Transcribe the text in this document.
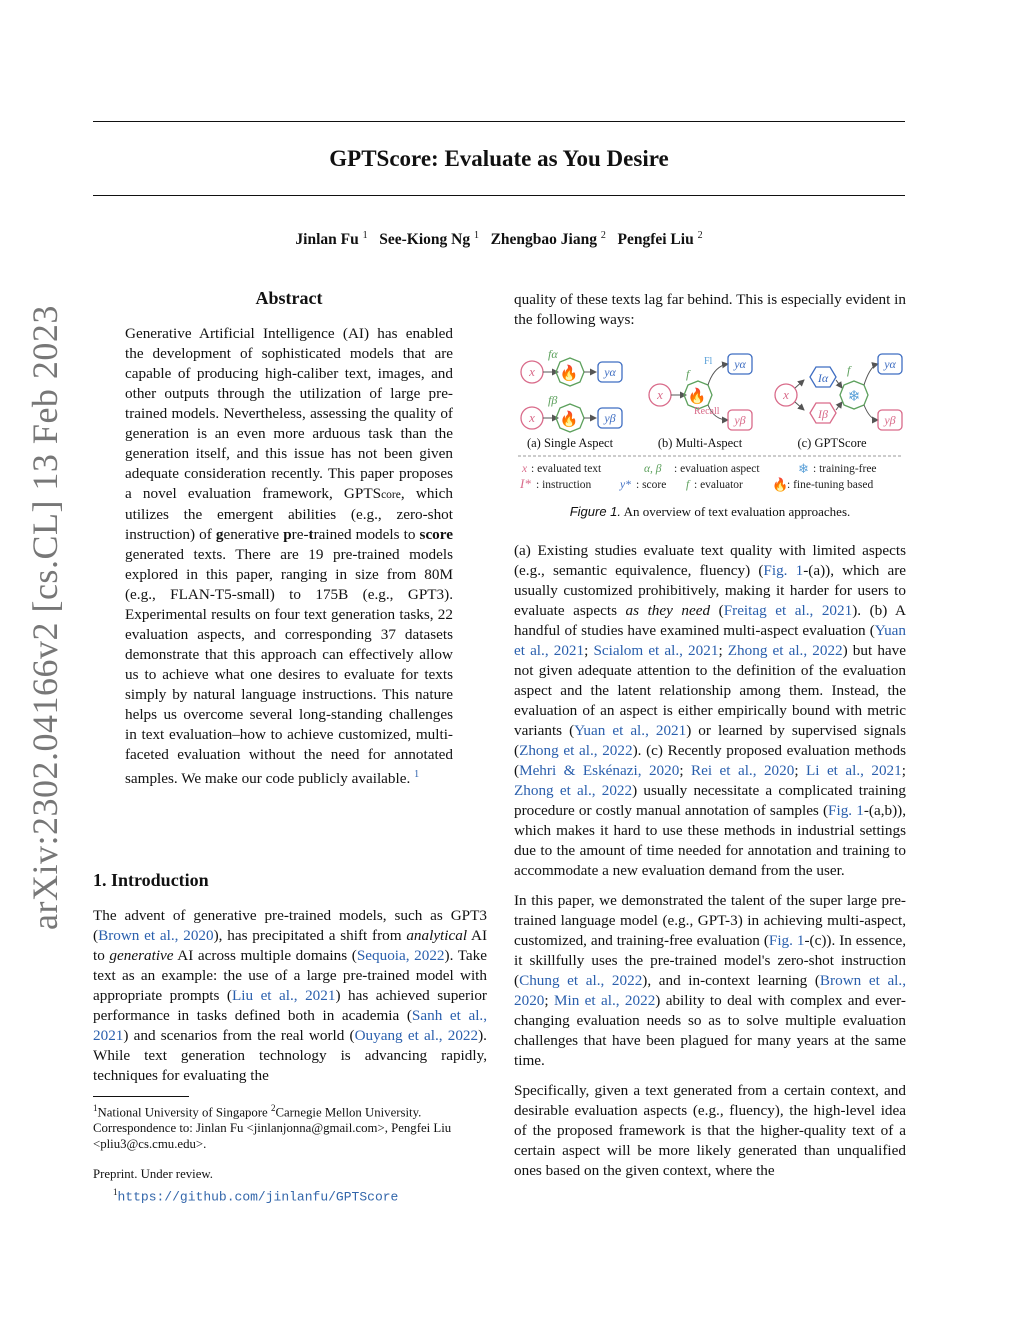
GPTScore: Evaluate as You Desire
Jinlan Fu $^1$ See-Kiong Ng $^1$ Zhengbao Jiang $^2$ Pengfei Liu $^2$
arXiv:2302.04166v2 [cs.CL] 13 Feb 2023
Abstract
Generative Artificial Intelligence (AI) has enabled the development of sophisticated models that are capable of producing high-caliber text, images, and other outputs through the utilization of large pre-trained models. Nevertheless, assessing the quality of generation is an even more arduous task than the generation itself, and this issue has not been given adequate consideration recently. This paper proposes a novel evaluation framework, GPTScore, which utilizes the emergent abilities (e.g., zero-shot instruction) of generative pre-trained models to score generated texts. There are 19 pre-trained models explored in this paper, ranging in size from 80M (e.g., FLAN-T5-small) to 175B (e.g., GPT3). Experimental results on four text generation tasks, 22 evaluation aspects, and corresponding 37 datasets demonstrate that this approach can effectively allow us to achieve what one desires to evaluate for texts simply by natural language instructions. This nature helps us overcome several long-standing challenges in text evaluation–how to achieve customized, multi-faceted evaluation without the need for annotated samples. We make our code publicly available. $^1$
1. Introduction
The advent of generative pre-trained models, such as GPT3 (Brown et al., 2020), has precipitated a shift from analytical AI to generative AI across multiple domains (Sequoia, 2022). Take text as an example: the use of a large pre-trained model with appropriate prompts (Liu et al., 2021) has achieved superior performance in tasks defined both in academia (Sanh et al., 2021) and scenarios from the real world (Ouyang et al., 2022). While text generation technology is advancing rapidly, techniques for evaluating the
$^1$National University of Singapore $^2$Carnegie Mellon University. Correspondence to: Jinlan Fu <jinlanjonna@gmail.com>, Pengfei Liu <pliu3@cs.cmu.edu>.
Preprint. Under review.
$^1$https://github.com/jinlanfu/GPTScore

quality of these texts lag far behind. This is especially evident in the following ways:

x 🔥
fα
yα
x 🔥
fβ
yβ
(a) Single Aspect
x 🔥
f
Fl
Recall
yα
yβ
(b) Multi-Aspect
x
Iα
Iβ
❄
f	yα
yβ
(c) GPTScore
x : evaluated text	α, β : evaluation aspect	❄ : training-free
I* : instruction y* : score f : evaluator 🔥
: fine-tuning based
Figure 1. An overview of text evaluation approaches.

(a) Existing studies evaluate text quality with limited aspects (e.g., semantic equivalence, fluency) (Fig. 1-(a)), which are usually customized prohibitively, making it harder for users to evaluate aspects as they need (Freitag et al., 2021). (b) A handful of studies have examined multi-aspect evaluation (Yuan et al., 2021; Scialom et al., 2021; Zhong et al., 2022) but have not given adequate attention to the definition of the evaluation aspect and the latent relationship among them. Instead, the evaluation of an aspect is either empirically bound with metric variants (Yuan et al., 2021) or learned by supervised signals (Zhong et al., 2022). (c) Recently proposed evaluation methods (Mehri & Eskénazi, 2020; Rei et al., 2020; Li et al., 2021; Zhong et al., 2022) usually necessitate a complicated training procedure or costly manual annotation of samples (Fig. 1-(a,b)), which makes it hard to use these methods in industrial settings due to the amount of time needed for annotation and training to accommodate a new evaluation demand from the user.

In this paper, we demonstrated the talent of the super large pre-trained language model (e.g., GPT-3) in achieving multi-aspect, customized, and training-free evaluation (Fig. 1-(c)). In essence, it skillfully uses the pre-trained model's zero-shot instruction (Chung et al., 2022), and in-context learning (Brown et al., 2020; Min et al., 2022) ability to deal with complex and ever-changing evaluation needs so as to solve multiple evaluation challenges that have been plagued for many years at the same time.

Specifically, given a text generated from a certain context, and desirable evaluation aspects (e.g., fluency), the high-level idea of the proposed framework is that the higher-quality text of a certain aspect will be more likely generated than unqualified ones based on the given context, where the
